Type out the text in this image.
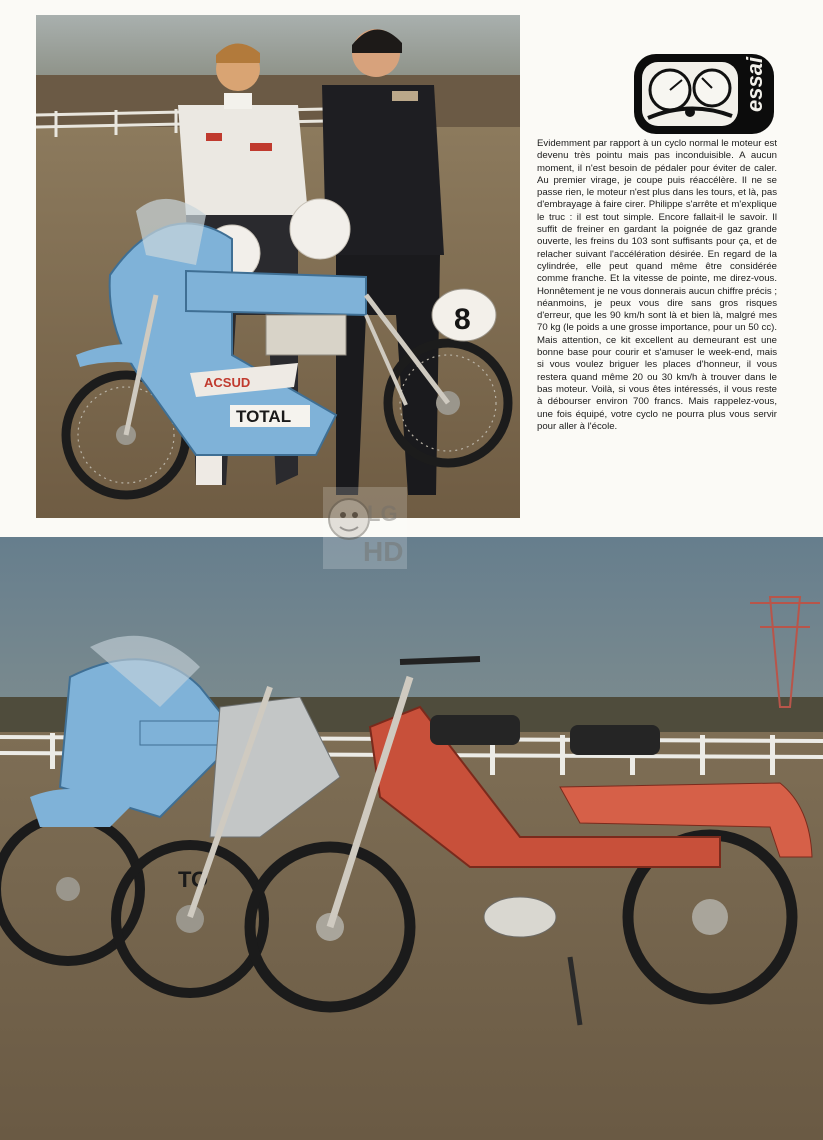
ACSUD
TOTAL
8
essai

Evidemment par rapport à un cyclo normal le moteur est devenu très pointu mais pas inconduisible. A aucun moment, il n'est besoin de pédaler pour éviter de caler. Au premier virage, je coupe puis réaccélère. Il ne se passe rien, le moteur n'est plus dans les tours, et là, pas d'embrayage à faire cirer. Philippe s'arrête et m'explique le truc : il est tout simple. Encore fallait-il le savoir. Il suffit de freiner en gardant la poignée de gaz grande ouverte, les freins du 103 sont suffisants pour ça, et de relacher suivant l'accélération désirée. En regard de la cylindrée, elle peut quand même être considérée comme franche. Et la vitesse de pointe, me direz-vous. Honnêtement je ne vous donnerais aucun chiffre précis ; néanmoins, je peux vous dire sans gros risques d'erreur, que les 90 km/h sont là et bien là, malgré mes 70 kg (le poids a une grosse importance, pour un 50 cc). Mais attention, ce kit excellent au demeurant est une bonne base pour courir et s'amuser le week-end, mais si vous voulez briguer les places d'honneur, il vous restera quand même 20 ou 30 km/h à trouver dans le bas moteur. Voilà, si vous êtes intéressés, il vous reste à débourser environ 700 francs. Mais rappelez-vous, une fois équipé, votre cyclo ne pourra plus vous servir pour aller à l'école.

TO
LG
HD
